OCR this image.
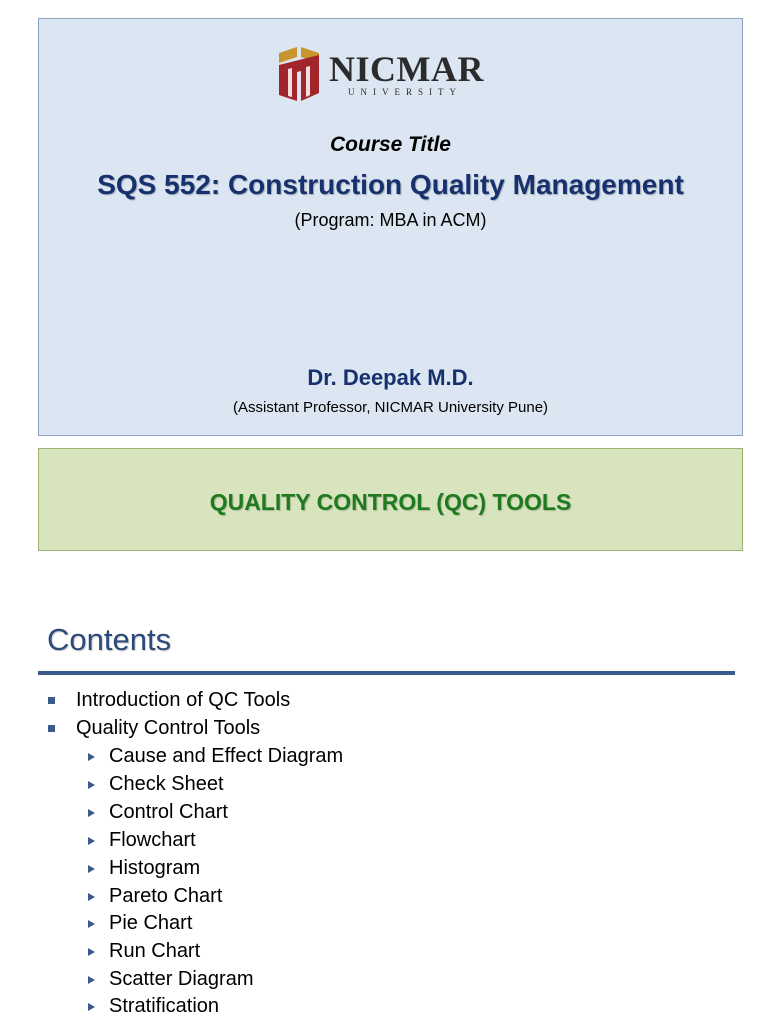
NICMAR
UNIVERSITY
Course Title
SQS 552: Construction Quality Management
(Program: MBA in ACM)
Dr. Deepak M.D.
(Assistant Professor, NICMAR University Pune)
QUALITY CONTROL (QC) TOOLS
Contents
Introduction of QC Tools
Quality Control Tools
Cause and Effect Diagram
Check Sheet
Control Chart
Flowchart
Histogram
Pareto Chart
Pie Chart
Run Chart
Scatter Diagram
Stratification
